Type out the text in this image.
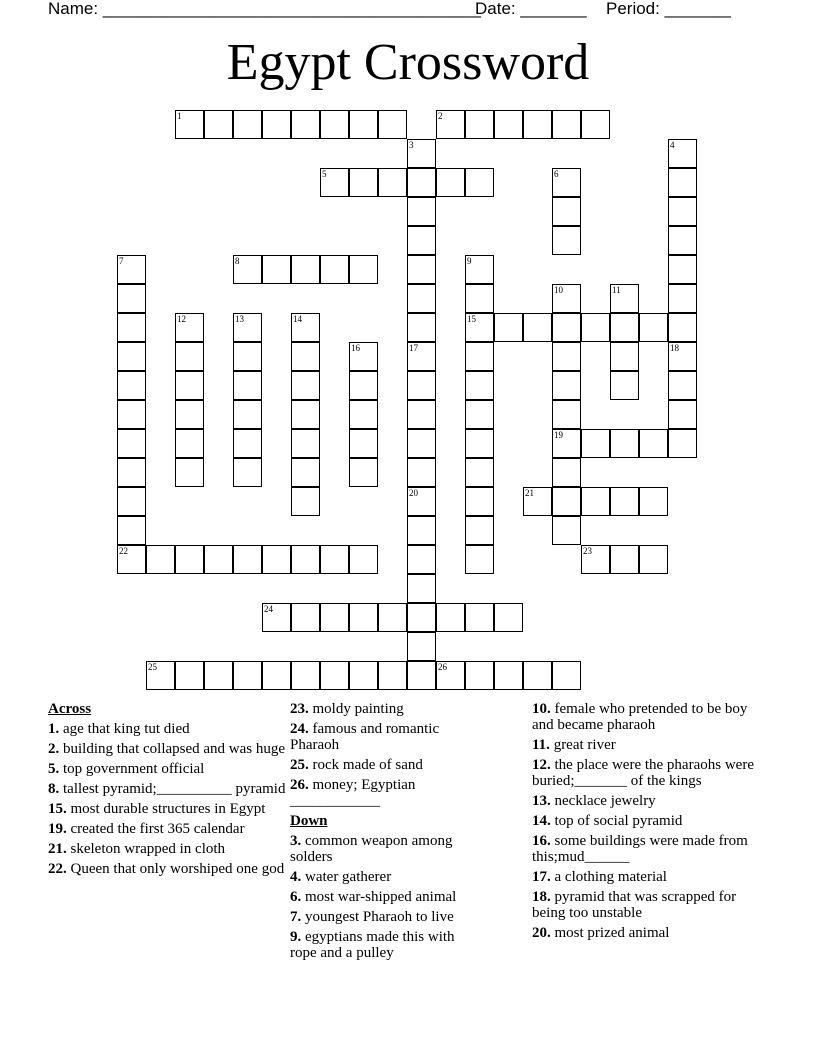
Name: ________________________________________

Date: _______

Period: _______

Egypt Crossword
1	2
3
17
20
4
5	6
7
22
8	9
15
10
19
11
12	13	14
16	18
21
23
24
25	26
Across
1. age that king tut died
2. building that collapsed and was huge
5. top government official
8. tallest pyramid;__________ pyramid
15. most durable structures in Egypt
19. created the first 365 calendar
21. skeleton wrapped in cloth
22. Queen that only worshiped one god
23. moldy painting
24. famous and romantic Pharaoh
25. rock made of sand
26. money; Egyptian ____________
Down
3. common weapon among solders
4. water gatherer
6. most war-shipped animal
7. youngest Pharaoh to live
9. egyptians made this with rope and a pulley
10. female who pretended to be boy and became pharaoh
11. great river
12. the place were the pharaohs were buried;_______ of the kings
13. necklace jewelry
14. top of social pyramid
16. some buildings were made from this;mud______
17. a clothing material
18. pyramid that was scrapped for being too unstable
20. most prized animal
